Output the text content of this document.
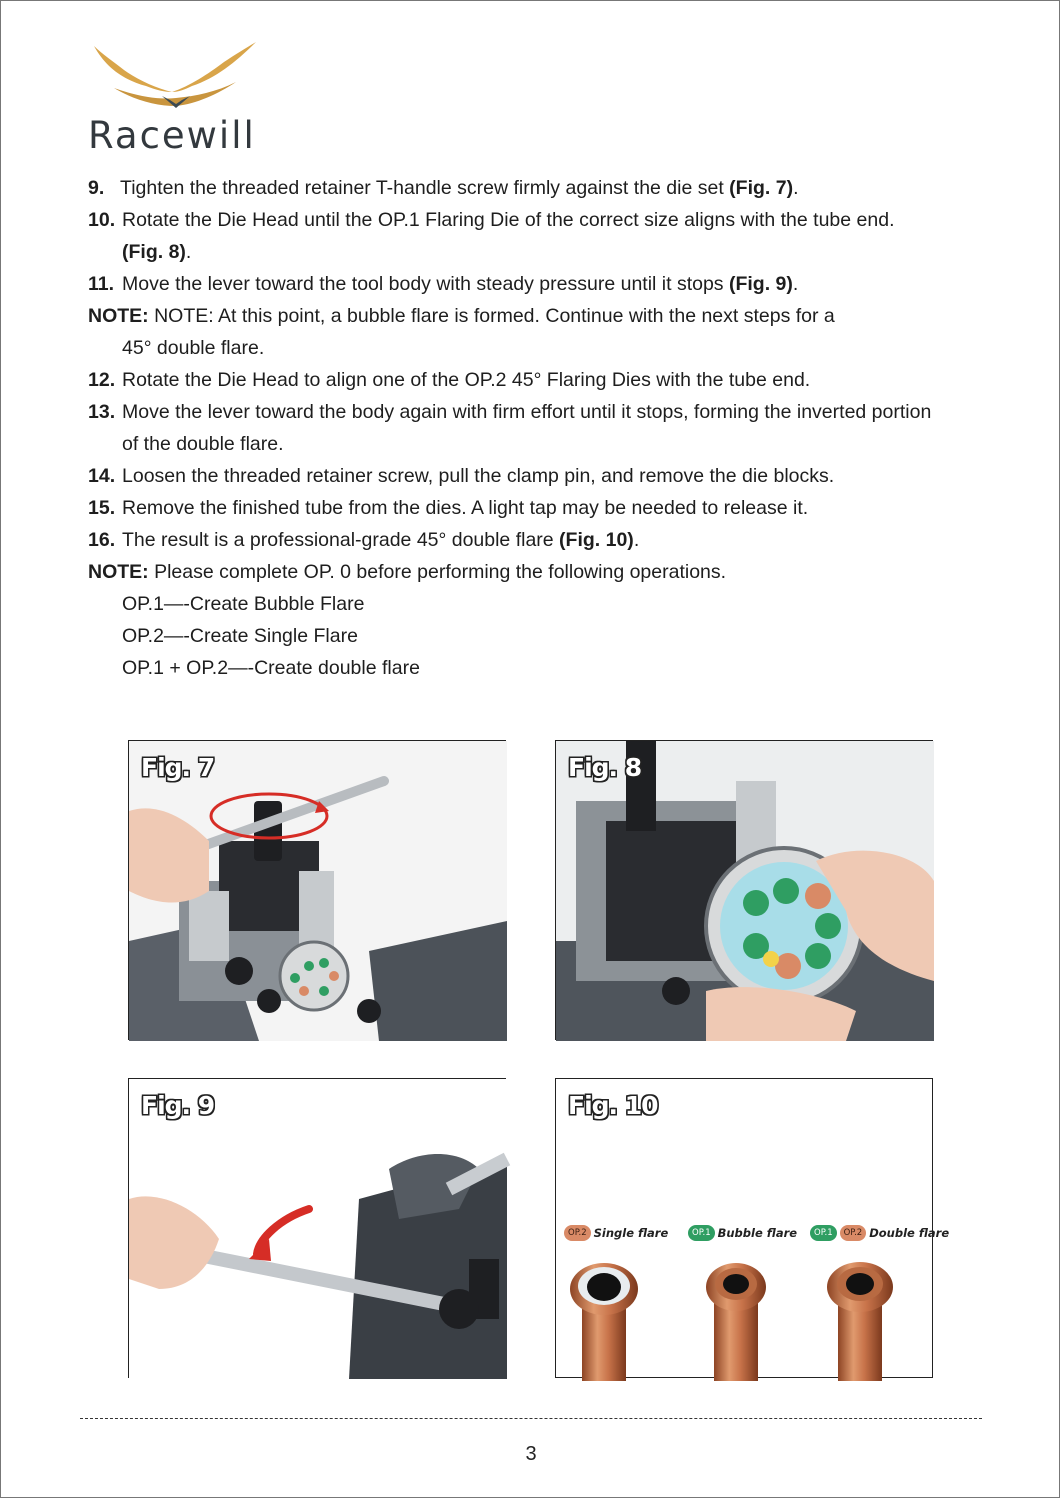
Racewill
9. Tighten the threaded retainer T-handle screw firmly against the die set (Fig. 7).
10. Rotate the Die Head until the OP.1 Flaring Die of the correct size aligns with the tube end.
(Fig. 8).
11. Move the lever toward the tool body with steady pressure until it stops (Fig. 9).
NOTE: NOTE: At this point, a bubble flare is formed. Continue with the next steps for a
45° double flare.
12. Rotate the Die Head to align one of the OP.2 45° Flaring Dies with the tube end.
13. Move the lever toward the body again with firm effort until it stops, forming the inverted portion
of the double flare.
14. Loosen the threaded retainer screw, pull the clamp pin, and remove the die blocks.
15. Remove the finished tube from the dies. A light tap may be needed to release it.
16. The result is a professional-grade 45° double flare (Fig. 10).
NOTE: Please complete OP. 0 before performing the following operations.
OP.1—-Create Bubble Flare
OP.2—-Create Single Flare
OP.1 + OP.2—-Create double flare
Fig. 7	Fig. 8
Fig. 9	Fig. 10
OP.2 Single flare	OP.1 Bubble flare	OP.1	OP.2 Double flare
3
